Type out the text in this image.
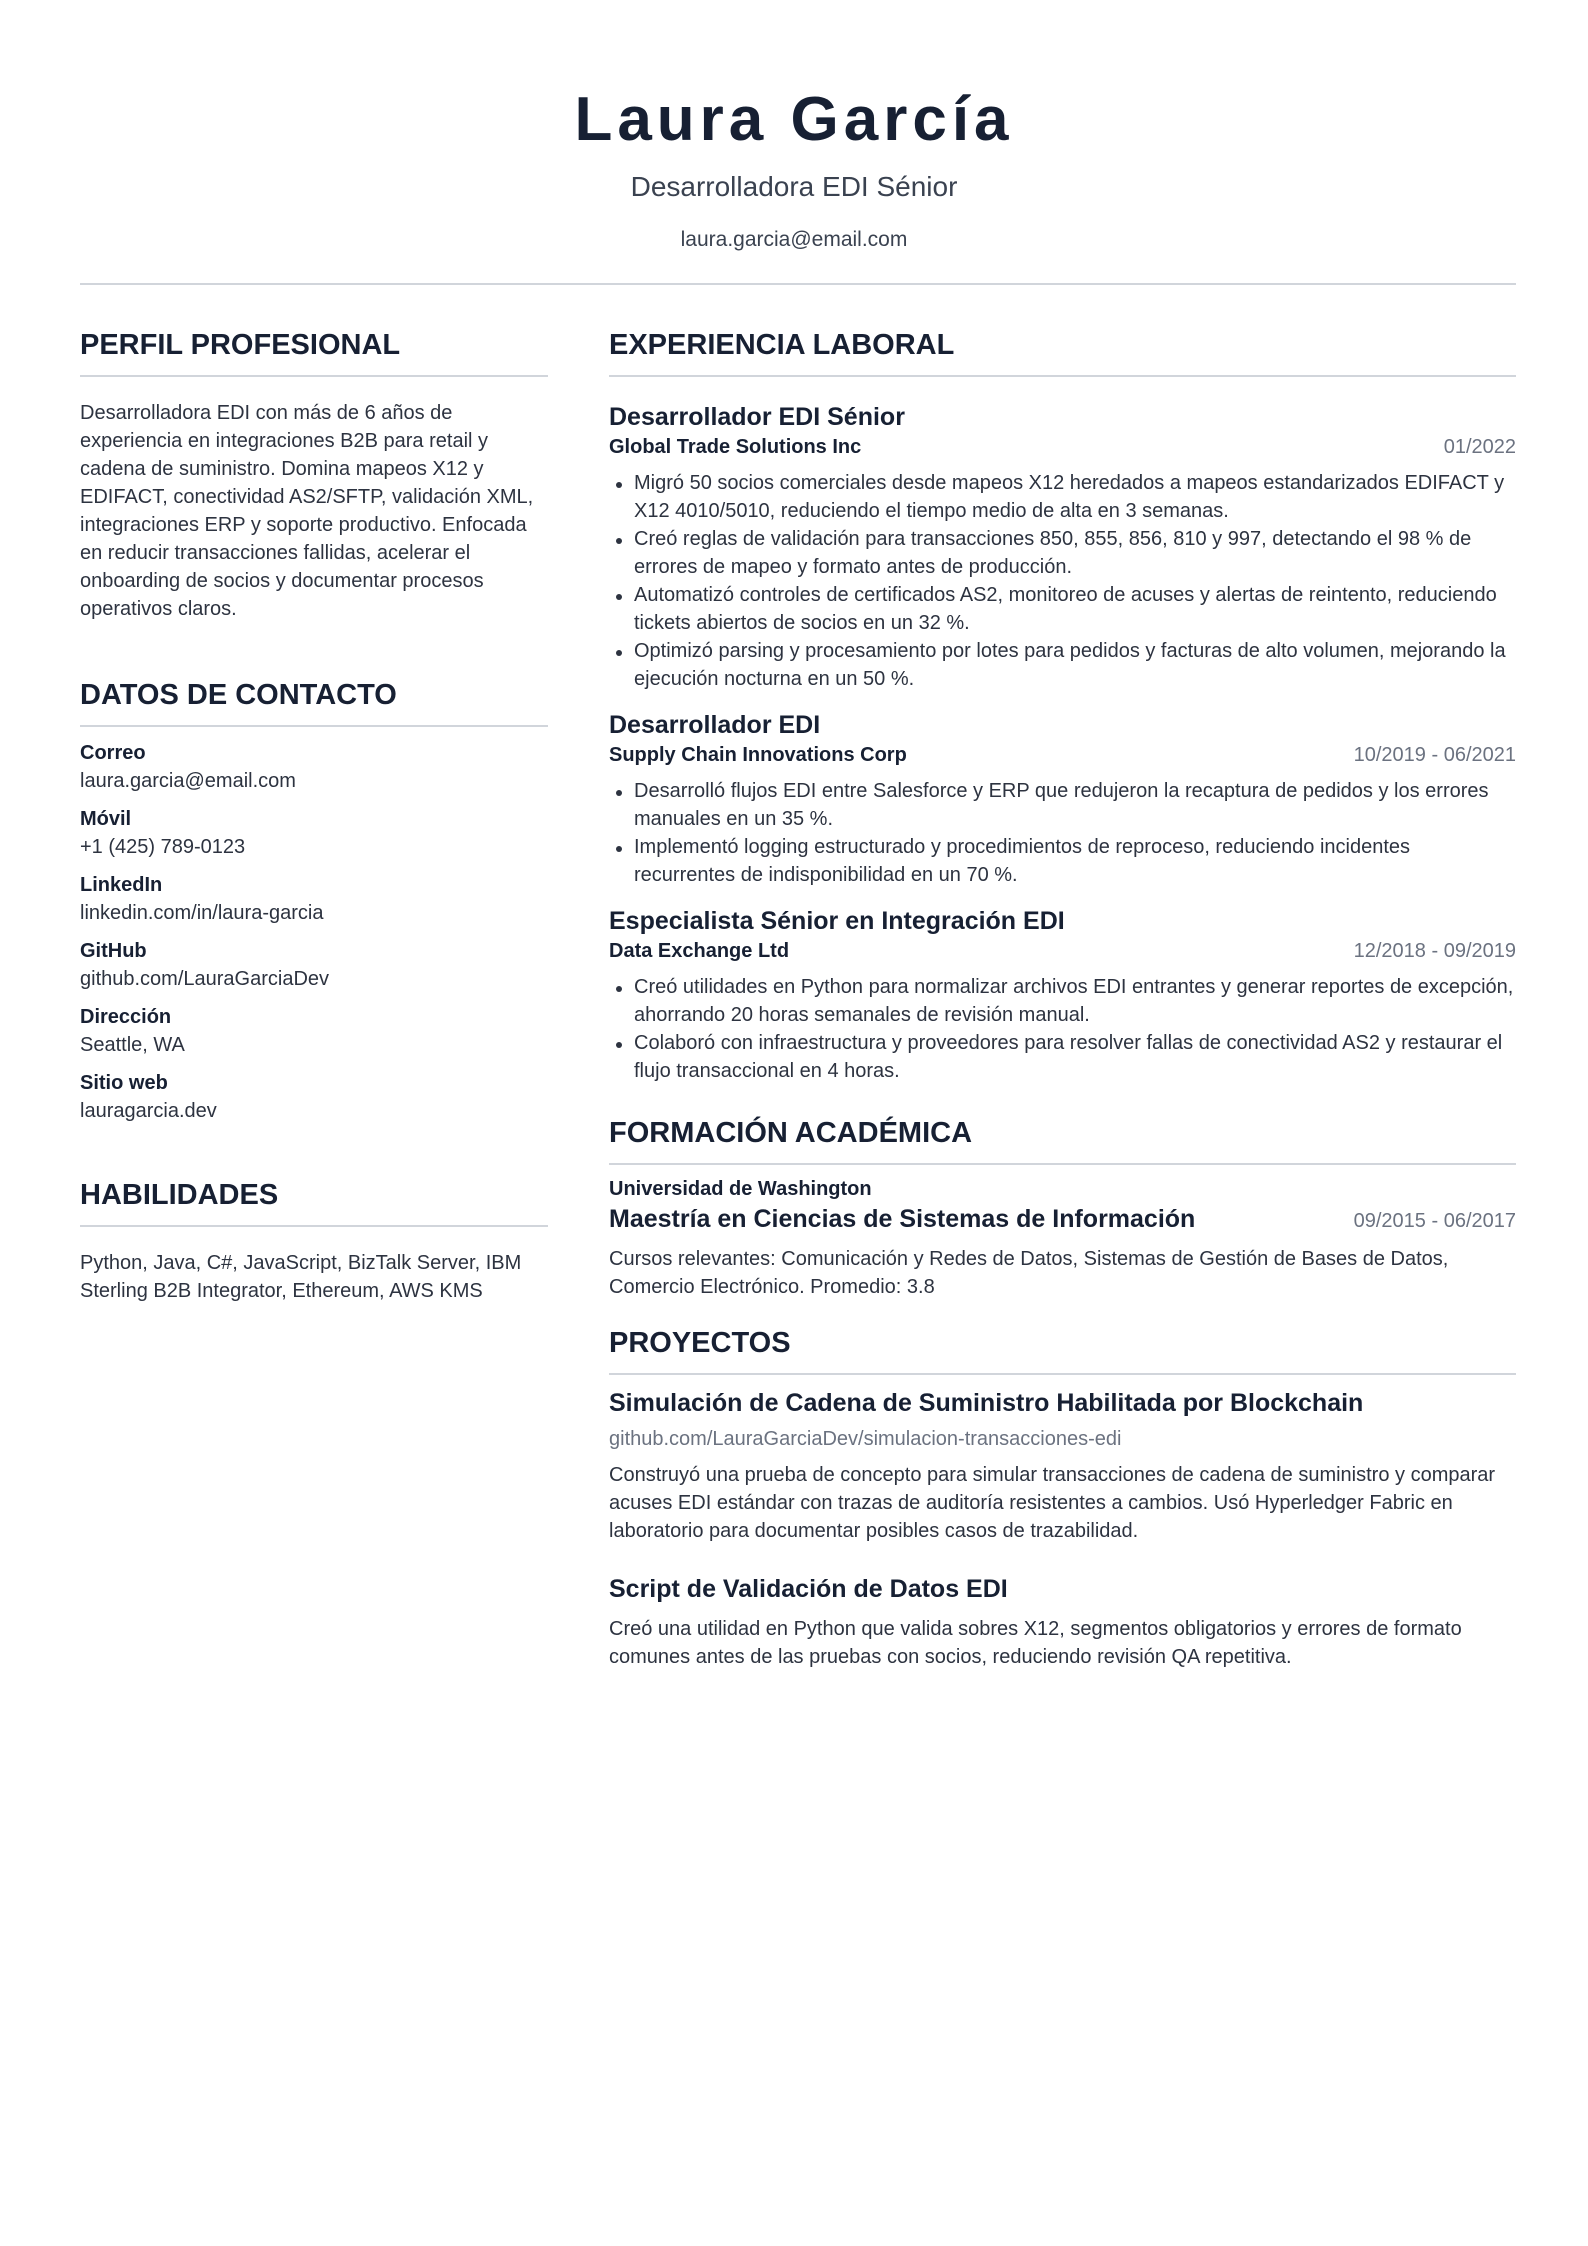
Laura García
Desarrolladora EDI Sénior
laura.garcia@email.com
PERFIL PROFESIONAL

Desarrolladora EDI con más de 6 años de experiencia en integraciones B2B para retail y cadena de suministro. Domina mapeos X12 y EDIFACT, conectividad AS2/SFTP, validación XML, integraciones ERP y soporte productivo. Enfocada en reducir transacciones fallidas, acelerar el onboarding de socios y documentar procesos operativos claros.

DATOS DE CONTACTO
Correo
laura.garcia@email.com
Móvil
+1 (425) 789-0123
LinkedIn
linkedin.com/in/laura-garcia
GitHub
github.com/LauraGarciaDev
Dirección
Seattle, WA
Sitio web
lauragarcia.dev
HABILIDADES

Python, Java, C#, JavaScript, BizTalk Server, IBM Sterling B2B Integrator, Ethereum, AWS KMS

EXPERIENCIA LABORAL
Desarrollador EDI Sénior
Global Trade Solutions Inc	01/2022
Migró 50 socios comerciales desde mapeos X12 heredados a mapeos estandarizados EDIFACT y X12 4010/5010, reduciendo el tiempo medio de alta en 3 semanas.
Creó reglas de validación para transacciones 850, 855, 856, 810 y 997, detectando el 98 % de errores de mapeo y formato antes de producción.
Automatizó controles de certificados AS2, monitoreo de acuses y alertas de reintento, reduciendo tickets abiertos de socios en un 32 %.
Optimizó parsing y procesamiento por lotes para pedidos y facturas de alto volumen, mejorando la ejecución nocturna en un 50 %.
Desarrollador EDI
Supply Chain Innovations Corp	10/2019 - 06/2021
Desarrolló flujos EDI entre Salesforce y ERP que redujeron la recaptura de pedidos y los errores manuales en un 35 %.
Implementó logging estructurado y procedimientos de reproceso, reduciendo incidentes recurrentes de indisponibilidad en un 70 %.
Especialista Sénior en Integración EDI
Data Exchange Ltd	12/2018 - 09/2019
Creó utilidades en Python para normalizar archivos EDI entrantes y generar reportes de excepción, ahorrando 20 horas semanales de revisión manual.
Colaboró con infraestructura y proveedores para resolver fallas de conectividad AS2 y restaurar el flujo transaccional en 4 horas.
FORMACIÓN ACADÉMICA
Universidad de Washington
Maestría en Ciencias de Sistemas de Información	09/2015 - 06/2017

Cursos relevantes: Comunicación y Redes de Datos, Sistemas de Gestión de Bases de Datos, Comercio Electrónico. Promedio: 3.8

PROYECTOS
Simulación de Cadena de Suministro Habilitada por Blockchain
github.com/LauraGarciaDev/simulacion-transacciones-edi

Construyó una prueba de concepto para simular transacciones de cadena de suministro y comparar acuses EDI estándar con trazas de auditoría resistentes a cambios. Usó Hyperledger Fabric en laboratorio para documentar posibles casos de trazabilidad.

Script de Validación de Datos EDI

Creó una utilidad en Python que valida sobres X12, segmentos obligatorios y errores de formato comunes antes de las pruebas con socios, reduciendo revisión QA repetitiva.
